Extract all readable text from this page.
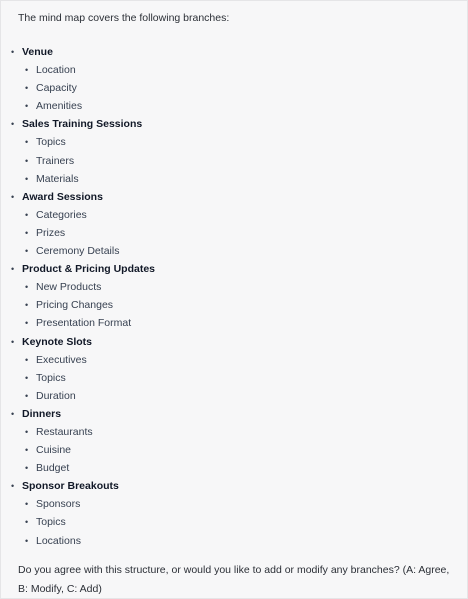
The mind map covers the following branches:
• Venue
• Location
• Capacity
• Amenities
• Sales Training Sessions
• Topics
• Trainers
• Materials
• Award Sessions
• Categories
• Prizes
• Ceremony Details
• Product & Pricing Updates
• New Products
• Pricing Changes
• Presentation Format
• Keynote Slots
• Executives
• Topics
• Duration
• Dinners
• Restaurants
• Cuisine
• Budget
• Sponsor Breakouts
• Sponsors
• Topics
• Locations
Do you agree with this structure, or would you like to add or modify any branches? (A: Agree, B: Modify, C: Add)
